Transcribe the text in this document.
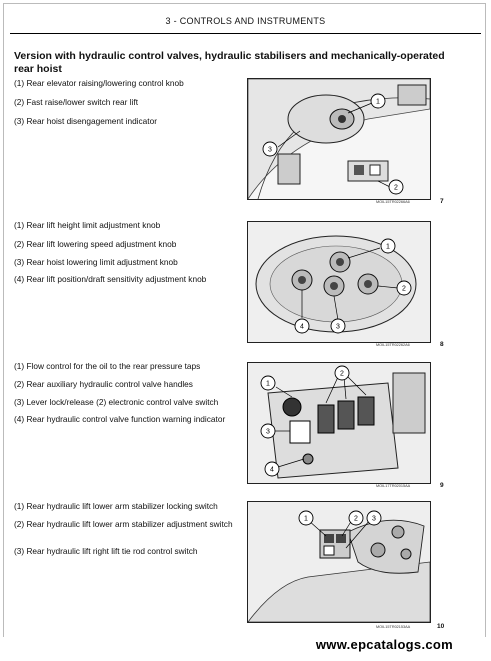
3 - CONTROLS AND INSTRUMENTS
Version with hydraulic control valves, hydraulic stabilisers and mechanically-operated rear hoist
(1) Rear elevator raising/lowering control knob
(2) Fast raise/lower switch rear lift
(3) Rear hoist disengagement indicator
1
2
3
MOIL15TR02266A6	7
(1) Rear lift height limit adjustment knob
(2) Rear lift lowering speed adjustment knob
(3) Rear hoist lowering limit adjustment knob
(4) Rear lift position/draft sensitivity adjustment knob
1
2
3
4
MOIL15TR02262A6	8
(1) Flow control for the oil to the rear pressure taps
(2) Rear auxiliary hydraulic control valve handles
(3) Lever lock/release (2) electronic control valve switch
(4) Rear hydraulic control valve function warning indicator
1
2
3
4
MOIL17TR02015AA	9
(1) Rear hydraulic lift lower arm stabilizer locking switch
(2) Rear hydraulic lift lower arm stabilizer adjustment switch
(3) Rear hydraulic lift right lift tie rod control switch
1	2 3
MOIL15TR02153AA	10
www.epcatalogs.com
